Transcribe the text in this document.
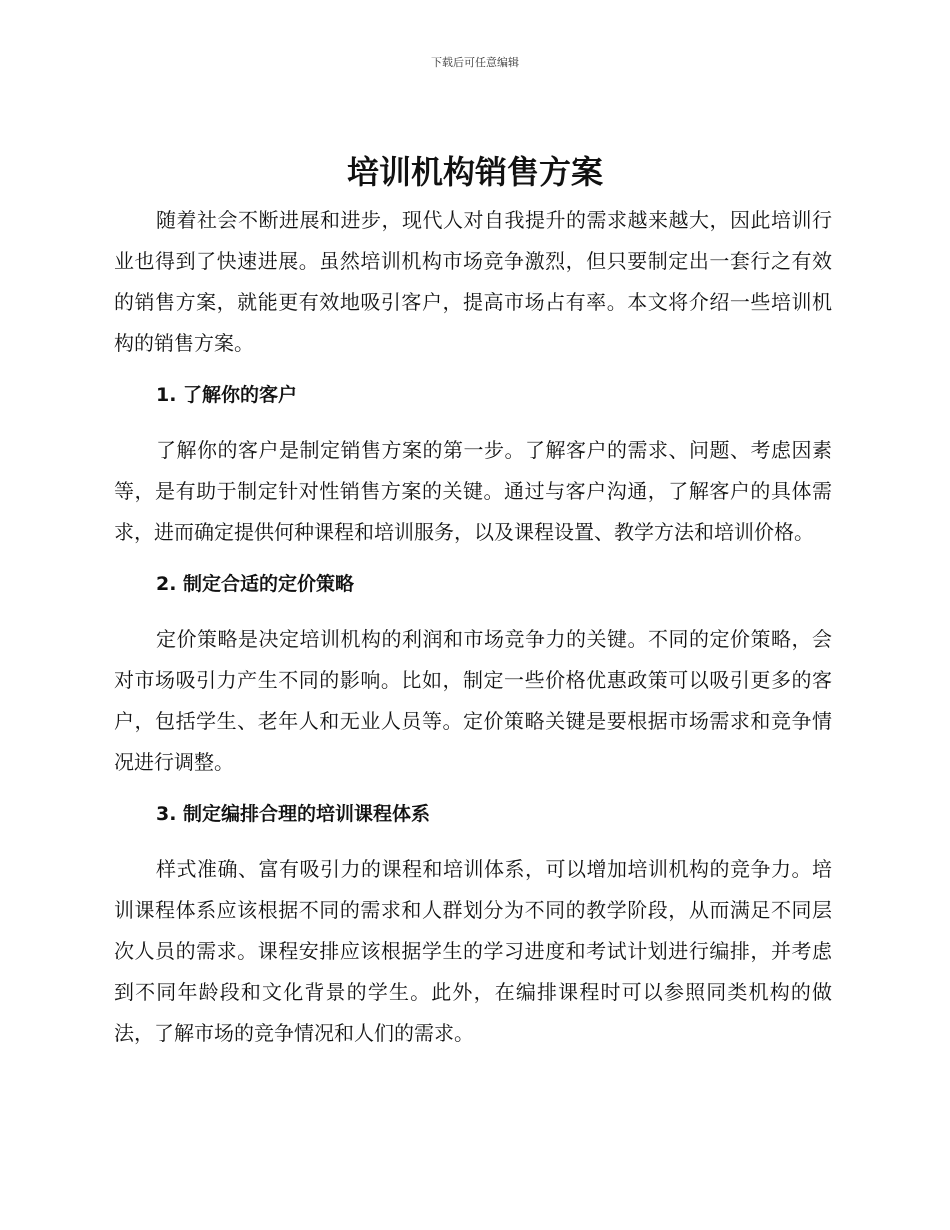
下载后可任意编辑
培训机构销售方案

随着社会不断进展和进步，现代人对自我提升的需求越来越大，因此培训行业也得到了快速进展。虽然培训机构市场竞争激烈，但只要制定出一套行之有效的销售方案，就能更有效地吸引客户，提高市场占有率。本文将介绍一些培训机构的销售方案。

1. 了解你的客户

了解你的客户是制定销售方案的第一步。了解客户的需求、问题、考虑因素等，是有助于制定针对性销售方案的关键。通过与客户沟通，了解客户的具体需求，进而确定提供何种课程和培训服务，以及课程设置、教学方法和培训价格。

2. 制定合适的定价策略

定价策略是决定培训机构的利润和市场竞争力的关键。不同的定价策略，会对市场吸引力产生不同的影响。比如，制定一些价格优惠政策可以吸引更多的客户，包括学生、老年人和无业人员等。定价策略关键是要根据市场需求和竞争情况进行调整。

3. 制定编排合理的培训课程体系

样式准确、富有吸引力的课程和培训体系，可以增加培训机构的竞争力。培训课程体系应该根据不同的需求和人群划分为不同的教学阶段，从而满足不同层次人员的需求。课程安排应该根据学生的学习进度和考试计划进行编排，并考虑到不同年龄段和文化背景的学生。此外，在编排课程时可以参照同类机构的做法，了解市场的竞争情况和人们的需求。
